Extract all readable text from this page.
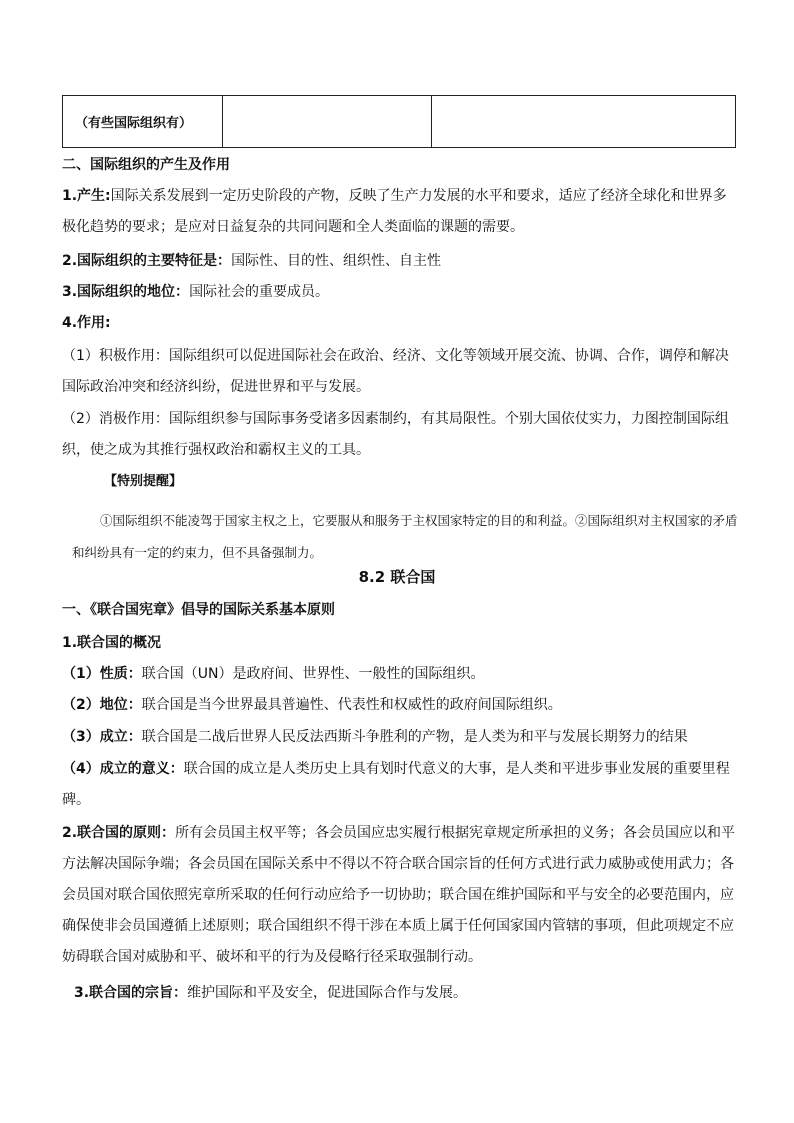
（有些国际组织有）		
二、国际组织的产生及作用
1.产生:国际关系发展到一定历史阶段的产物，反映了生产力发展的水平和要求，适应了经济全球化和世界多极化趋势的要求；是应对日益复杂的共同问题和全人类面临的课题的需要。
2.国际组织的主要特征是：国际性、目的性、组织性、自主性
3.国际组织的地位：国际社会的重要成员。
4.作用:
（1）积极作用：国际组织可以促进国际社会在政治、经济、文化等领域开展交流、协调、合作，调停和解决国际政治冲突和经济纠纷，促进世界和平与发展。
（2）消极作用：国际组织参与国际事务受诸多因素制约，有其局限性。个别大国依仗实力，力图控制国际组织，使之成为其推行强权政治和霸权主义的工具。
【特别提醒】
①国际组织不能凌驾于国家主权之上，它要服从和服务于主权国家特定的目的和利益。②国际组织对主权国家的矛盾和纠纷具有一定的约束力，但不具备强制力。
8.2 联合国
一、《联合国宪章》倡导的国际关系基本原则
1.联合国的概况
（1）性质：联合国（UN）是政府间、世界性、一般性的国际组织。
（2）地位：联合国是当今世界最具普遍性、代表性和权威性的政府间国际组织。
（3）成立：联合国是二战后世界人民反法西斯斗争胜利的产物，是人类为和平与发展长期努力的结果
（4）成立的意义：联合国的成立是人类历史上具有划时代意义的大事，是人类和平进步事业发展的重要里程碑。
2.联合国的原则：所有会员国主权平等；各会员国应忠实履行根据宪章规定所承担的义务；各会员国应以和平方法解决国际争端；各会员国在国际关系中不得以不符合联合国宗旨的任何方式进行武力威胁或使用武力；各会员国对联合国依照宪章所采取的任何行动应给予一切协助；联合国在维护国际和平与安全的必要范围内，应确保使非会员国遵循上述原则；联合国组织不得干涉在本质上属于任何国家国内管辖的事项，但此项规定不应妨碍联合国对威胁和平、破坏和平的行为及侵略行径采取强制行动。
3.联合国的宗旨：维护国际和平及安全，促进国际合作与发展。
